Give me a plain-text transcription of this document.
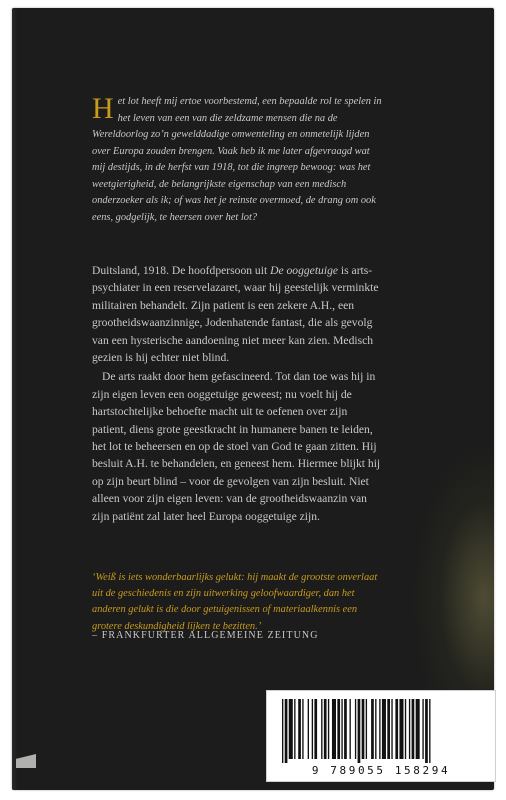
Het lot heeft mij ertoe voorbestemd, een bepaalde rol te spelen in het leven van een van die zeldzame mensen die na de Wereldoorlog zo’n gewelddadige omwenteling en onmetelijk lijden over Europa zouden brengen. Vaak heb ik me later afgevraagd wat mij destijds, in de herfst van 1918, tot die ingreep bewoog: was het weetgierigheid, de belangrijkste eigenschap van een medisch onderzoeker als ik; of was het je reinste overmoed, de drang om ook eens, godgelijk, te heersen over het lot?

Duitsland, 1918. De hoofdpersoon uit De ooggetuige is arts-psychiater in een reservelazaret, waar hij geestelijk verminkte militairen behandelt. Zijn patient is een zekere A.H., een grootheidswaanzinnige, Jodenhatende fantast, die als gevolg van een hysterische aandoening niet meer kan zien. Medisch gezien is hij echter niet blind.

De arts raakt door hem gefascineerd. Tot dan toe was hij in zijn eigen leven een ooggetuige geweest; nu voelt hij de hartstochtelijke behoefte macht uit te oefenen over zijn patient, diens grote geestkracht in humanere banen te leiden, het lot te beheersen en op de stoel van God te gaan zitten. Hij besluit A.H. te behandelen, en geneest hem. Hiermee blijkt hij op zijn beurt blind – voor de gevolgen van zijn besluit. Niet alleen voor zijn eigen leven: van de grootheidswaanzin van zijn patiënt zal later heel Europa ooggetuige zijn.

‘Weiß is iets wonderbaarlijks gelukt: hij maakt de grootste onverlaat uit de geschiedenis en zijn uitwerking geloofwaardiger, dan het anderen gelukt is die door getuigenissen of materiaalkennis een grotere deskundigheid lijken te bezitten.’
– FRANKFURTER ALLGEMEINE ZEITUNG
9 789055 158294
